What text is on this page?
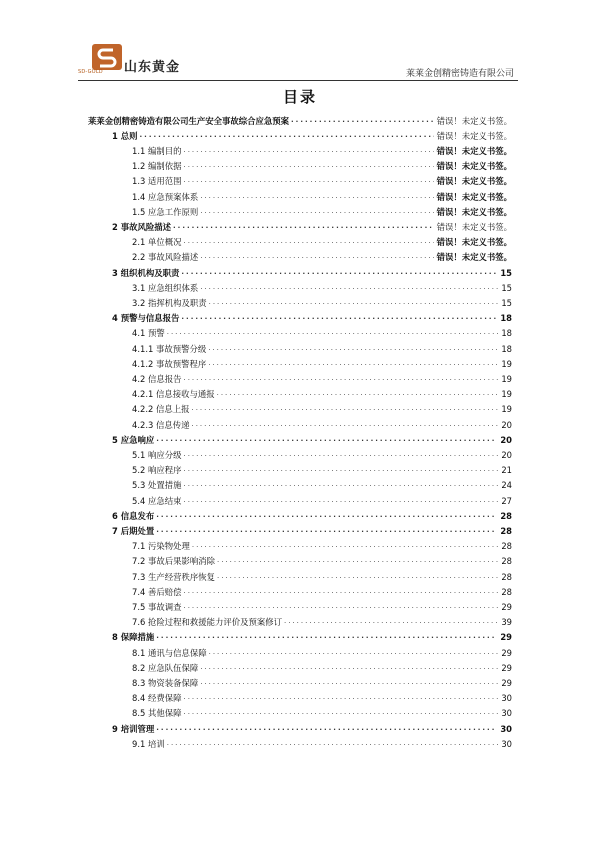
SD-GOLD 山东黄金	莱莱金创精密铸造有限公司
目录
莱莱金创精密铸造有限公司生产安全事故综合应急预案 .....	错误！未定义书签。
1 总则 .....	错误！未定义书签。
1.1 编制目的 .....	错误！未定义书签。
1.2 编制依据 .....	错误！未定义书签。
1.3 适用范围 .....	错误！未定义书签。
1.4 应急预案体系 .....	错误！未定义书签。
1.5 应急工作原则 .....	错误！未定义书签。
2 事故风险描述 .....	错误！未定义书签。
2.1 单位概况 .....	错误！未定义书签。
2.2 事故风险描述 .....	错误！未定义书签。
3 组织机构及职责 .....	15
3.1 应急组织体系 .....	15
3.2 指挥机构及职责 .....	15
4 预警与信息报告 .....	18
4.1 预警 .....	18
4.1.1 事故预警分级 .....	18
4.1.2 事故预警程序 .....	19
4.2 信息报告 .....	19
4.2.1 信息接收与通报 .....	19
4.2.2 信息上报 .....	19
4.2.3 信息传递 .....	20
5 应急响应 .....	20
5.1 响应分级 .....	20
5.2 响应程序 .....	21
5.3 处置措施 .....	24
5.4 应急结束 .....	27
6 信息发布 .....	28
7 后期处置 .....	28
7.1 污染物处理 .....	28
7.2 事故后果影响消除 .....	28
7.3 生产经营秩序恢复 .....	28
7.4 善后赔偿 .....	28
7.5 事故调查 .....	29
7.6 抢险过程和救援能力评价及预案修订 .....	39
8 保障措施 .....	29
8.1 通讯与信息保障 .....	29
8.2 应急队伍保障 .....	29
8.3 物资装备保障 .....	29
8.4 经费保障 .....	30
8.5 其他保障 .....	30
9 培训管理 .....	30
9.1 培训 .....	30
